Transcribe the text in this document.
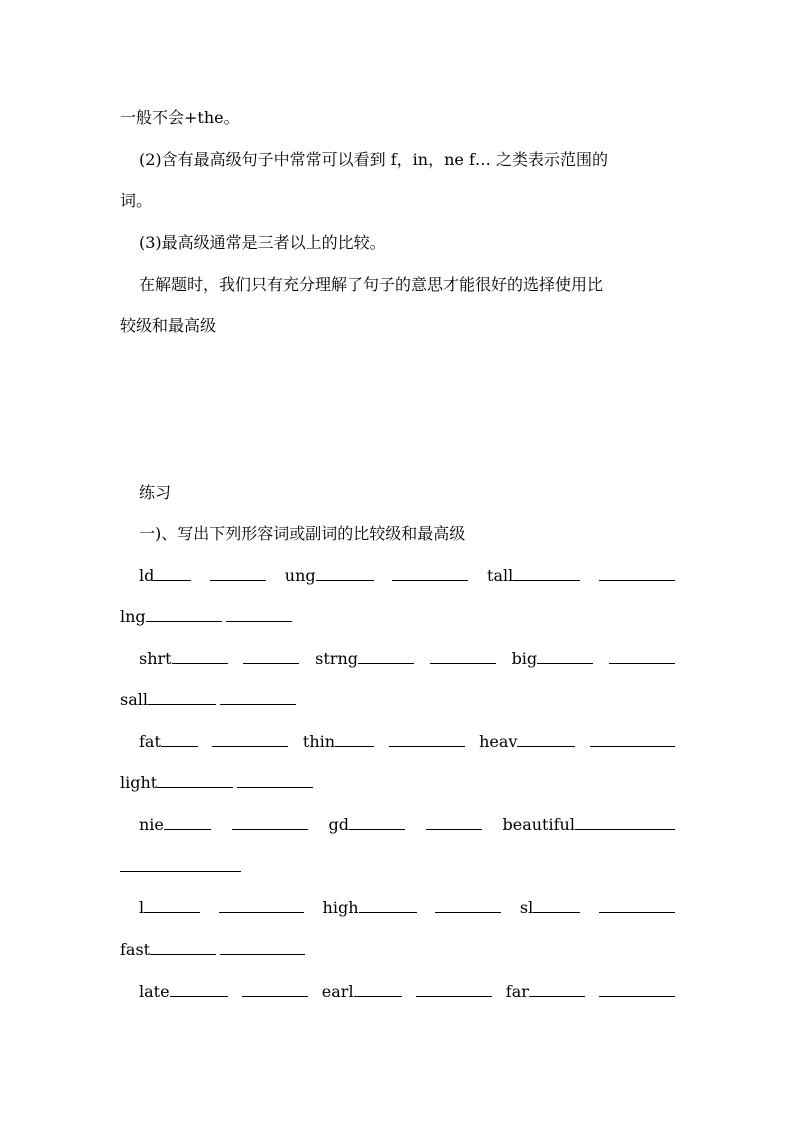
一般不会+the。

(2)含有最高级句子中常常可以看到 f，in，ne f… 之类表示范围的

词。

(3)最高级通常是三者以上的比较。

在解题时，我们只有充分理解了句子的意思才能很好的选择使用比

较级和最高级

练习

一)、写出下列形容词或副词的比较级和最高级

ld	ung	tall
lng
shrt	strng	big
sall
fat	thin	heav
light
nie	gd	beautiful
l	high	sl
fast
late	earl	far
